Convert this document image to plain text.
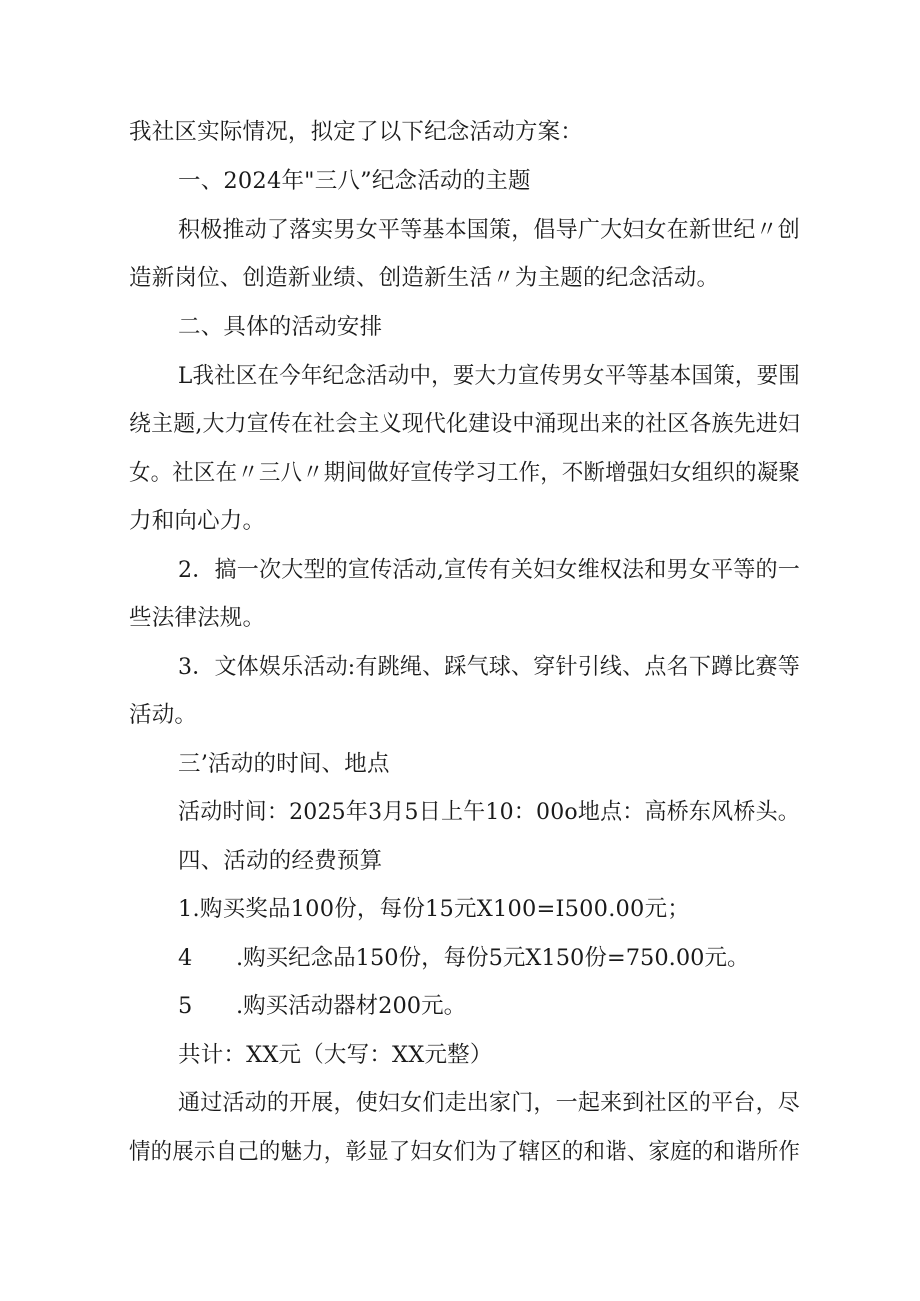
我社区实际情况，拟定了以下纪念活动方案：
一、2024年"三八”纪念活动的主题
积极推动了落实男女平等基本国策，倡导广大妇女在新世纪〃创
造新岗位、创造新业绩、创造新生活〃为主题的纪念活动。
二、具体的活动安排
L我社区在今年纪念活动中，要大力宣传男女平等基本国策，要围
绕主题,大力宣传在社会主义现代化建设中涌现出来的社区各族先进妇
女。社区在〃三八〃期间做好宣传学习工作，不断增强妇女组织的凝聚
力和向心力。
2．搞一次大型的宣传活动,宣传有关妇女维权法和男女平等的一
些法律法规。
3．文体娱乐活动:有跳绳、踩气球、穿针引线、点名下蹲比赛等
活动。
三’活动的时间、地点
活动时间：2025年3月5日上午10：00o地点：高桥东风桥头。
四、活动的经费预算
1.购买奖品100份，每份15元X100=I500.00元；
4 .购买纪念品150份，每份5元X150份=750.00元。
5 .购买活动器材200元。
共计：XX元（大写：XX元整）
通过活动的开展，使妇女们走出家门，一起来到社区的平台，尽
情的展示自己的魅力，彰显了妇女们为了辖区的和谐、家庭的和谐所作
